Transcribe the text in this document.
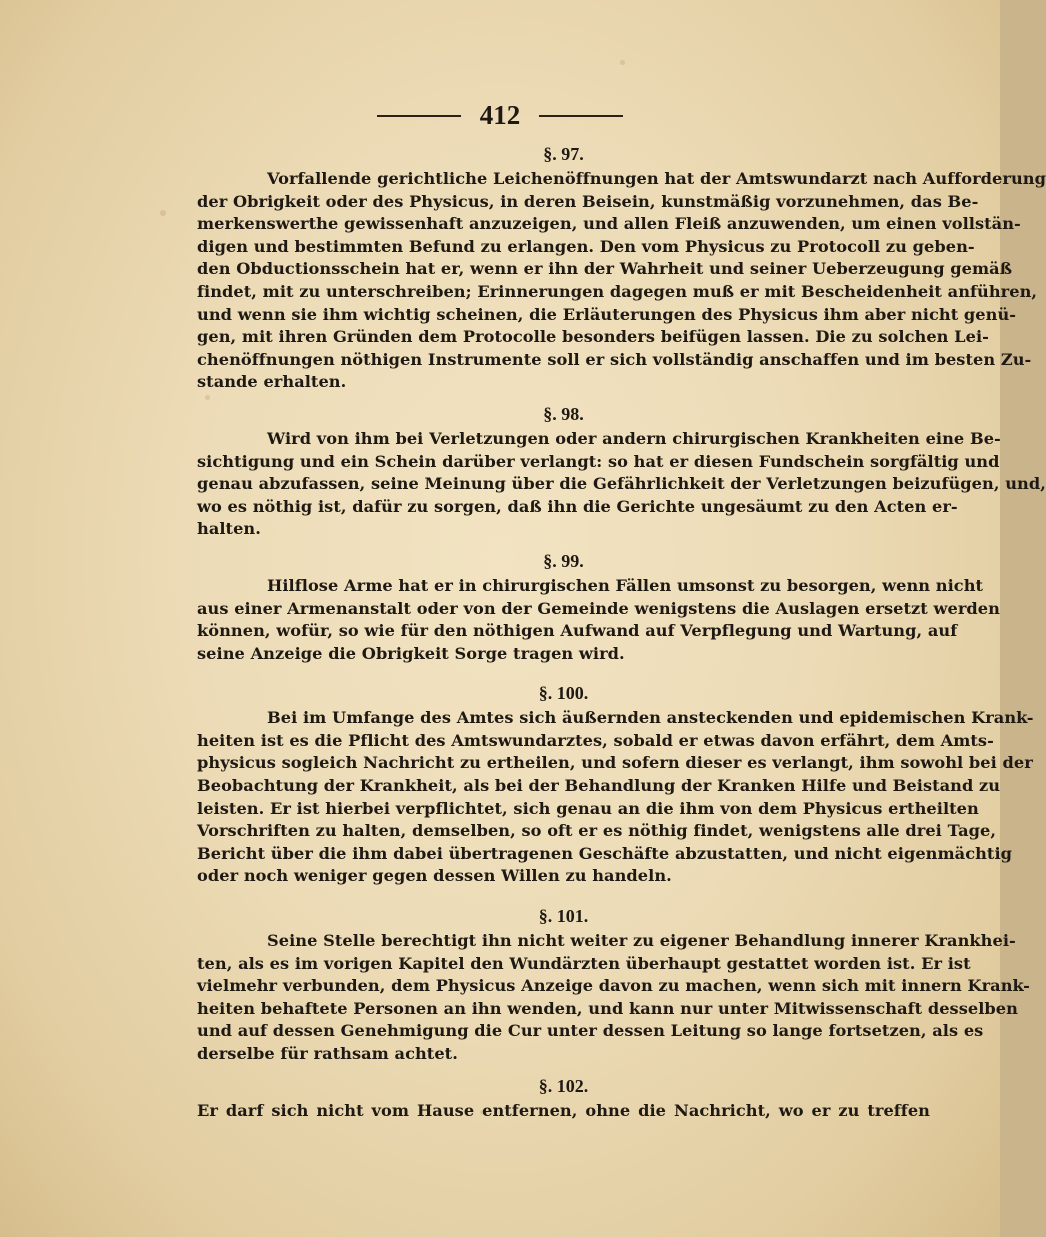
412
§. 97.
Vorfallende gerichtliche Leichenöffnungen hat der Amtswundarzt nach Aufforderung
der Obrigkeit oder des Physicus, in deren Beisein, kunstmäßig vorzunehmen, das Be-
merkenswerthe gewissenhaft anzuzeigen, und allen Fleiß anzuwenden, um einen vollstän-
digen und bestimmten Befund zu erlangen. Den vom Physicus zu Protocoll zu geben-
den Obductionsschein hat er, wenn er ihn der Wahrheit und seiner Ueberzeugung gemäß
findet, mit zu unterschreiben; Erinnerungen dagegen muß er mit Bescheidenheit anführen,
und wenn sie ihm wichtig scheinen, die Erläuterungen des Physicus ihm aber nicht genü-
gen, mit ihren Gründen dem Protocolle besonders beifügen lassen. Die zu solchen Lei-
chenöffnungen nöthigen Instrumente soll er sich vollständig anschaffen und im besten Zu-
stande erhalten.
§. 98.
Wird von ihm bei Verletzungen oder andern chirurgischen Krankheiten eine Be-
sichtigung und ein Schein darüber verlangt: so hat er diesen Fundschein sorgfältig und
genau abzufassen, seine Meinung über die Gefährlichkeit der Verletzungen beizufügen, und,
wo es nöthig ist, dafür zu sorgen, daß ihn die Gerichte ungesäumt zu den Acten er-
halten.
§. 99.
Hilflose Arme hat er in chirurgischen Fällen umsonst zu besorgen, wenn nicht
aus einer Armenanstalt oder von der Gemeinde wenigstens die Auslagen ersetzt werden
können, wofür, so wie für den nöthigen Aufwand auf Verpflegung und Wartung, auf
seine Anzeige die Obrigkeit Sorge tragen wird.
§. 100.
Bei im Umfange des Amtes sich äußernden ansteckenden und epidemischen Krank-
heiten ist es die Pflicht des Amtswundarztes, sobald er etwas davon erfährt, dem Amts-
physicus sogleich Nachricht zu ertheilen, und sofern dieser es verlangt, ihm sowohl bei der
Beobachtung der Krankheit, als bei der Behandlung der Kranken Hilfe und Beistand zu
leisten. Er ist hierbei verpflichtet, sich genau an die ihm von dem Physicus ertheilten
Vorschriften zu halten, demselben, so oft er es nöthig findet, wenigstens alle drei Tage,
Bericht über die ihm dabei übertragenen Geschäfte abzustatten, und nicht eigenmächtig
oder noch weniger gegen dessen Willen zu handeln.
§. 101.
Seine Stelle berechtigt ihn nicht weiter zu eigener Behandlung innerer Krankhei-
ten, als es im vorigen Kapitel den Wundärzten überhaupt gestattet worden ist. Er ist
vielmehr verbunden, dem Physicus Anzeige davon zu machen, wenn sich mit innern Krank-
heiten behaftete Personen an ihn wenden, und kann nur unter Mitwissenschaft desselben
und auf dessen Genehmigung die Cur unter dessen Leitung so lange fortsetzen, als es
derselbe für rathsam achtet.
§. 102.
Er darf sich nicht vom Hause entfernen, ohne die Nachricht, wo er zu treffen
